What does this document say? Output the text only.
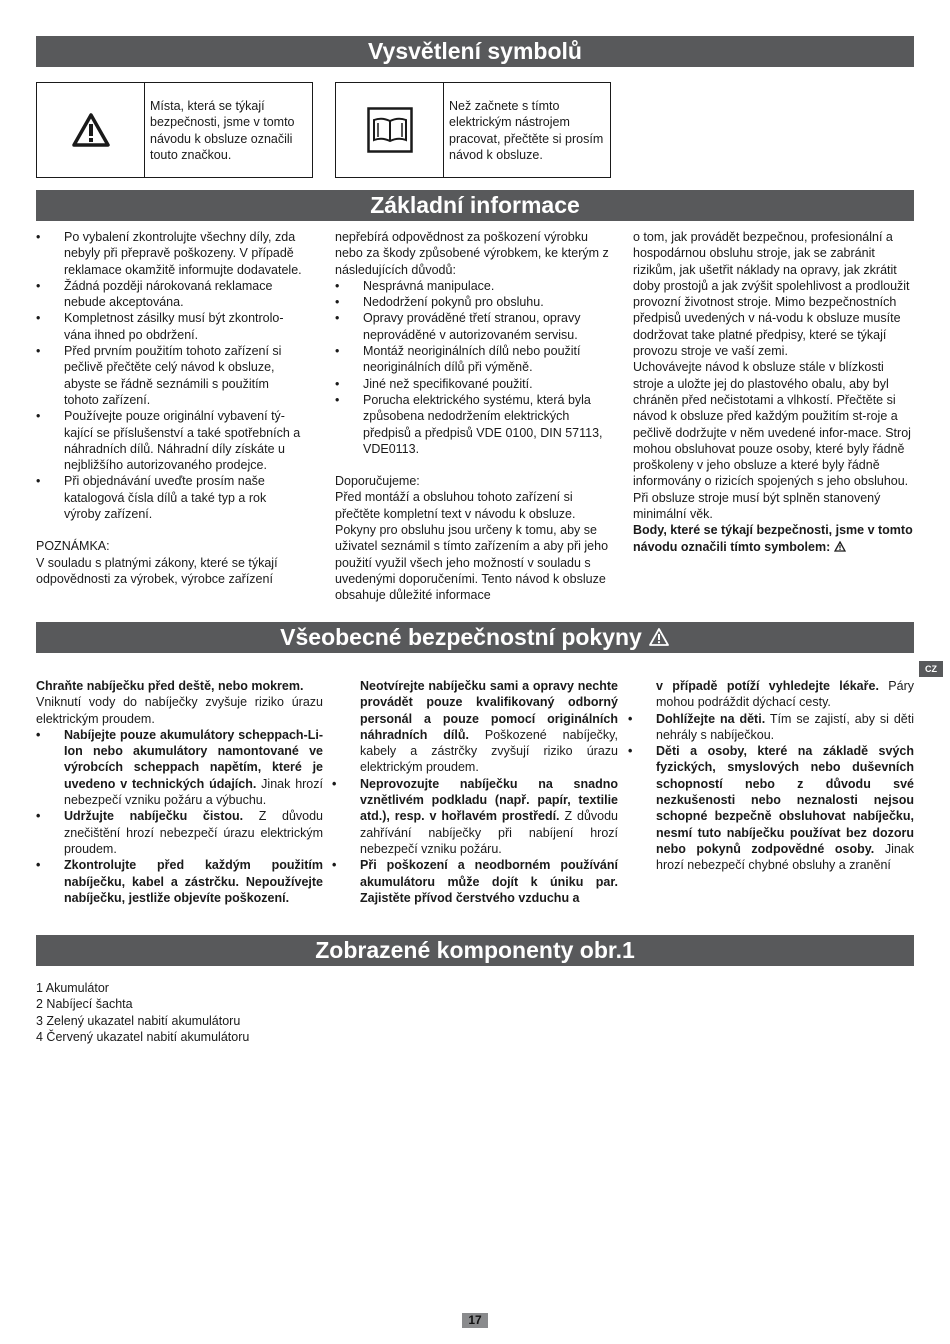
Vysvětlení symbolů
Místa, která se týkají bezpečnosti, jsme v tomto návodu k obsluze označili touto značkou.
Než začnete s tímto elektrickým nástrojem pracovat, přečtěte si prosím návod k obsluze.
Základní informace
• Po vybalení zkontrolujte všechny díly, zda nebyly při přepravě poškozeny. V případě reklamace okamžitě informujte dodavatele.
• Žádná později nárokovaná reklamace nebude akceptována.
• Kompletnost zásilky musí být zkontrolo-vána ihned po obdržení.
• Před prvním použitím tohoto zařízení si pečlivě přečtěte celý návod k obsluze, abyste se řádně seznámili s použitím tohoto zařízení.
• Používejte pouze originální vybavení tý-kající se příslušenství a také spotřebních a náhradních dílů. Náhradní díly získáte u nejbližšího autorizovaného prodejce.
• Při objednávání uveďte prosím naše katalogová čísla dílů a také typ a rok výroby zařízení.

POZNÁMKA:

V souladu s platnými zákony, které se týkají odpovědnosti za výrobek, výrobce zařízení

nepřebírá odpovědnost za poškození výrobku nebo za škody způsobené výrobkem, ke kterým z následujících důvodů:

• Nesprávná manipulace.
• Nedodržení pokynů pro obsluhu.
• Opravy prováděné třetí stranou, opravy neprováděné v autorizovaném servisu.
• Montáž neoriginálních dílů nebo použití neoriginálních dílů při výměně.
• Jiné než specifikované použití.
• Porucha elektrického systému, která byla způsobena nedodržením elektrických předpisů a předpisů VDE 0100, DIN 57113, VDE0113.

Doporučujeme:

Před montáží a obsluhou tohoto zařízení si přečtěte kompletní text v návodu k obsluze. Pokyny pro obsluhu jsou určeny k tomu, aby se uživatel seznámil s tímto zařízením a aby při jeho použití využil všech jeho možností v souladu s uvedenými doporučeními. Tento návod k obsluze obsahuje důležité informace

o tom, jak provádět bezpečnou, profesionální a hospodárnou obsluhu stroje, jak se zabránit rizikům, jak ušetřit náklady na opravy, jak zkrátit doby prostojů a jak zvýšit spolehlivost a prodloužit provozní životnost stroje. Mimo bezpečnostních předpisů uvedených v ná-vodu k obsluze musíte dodržovat take platné předpisy, které se týkají provozu stroje ve vaší zemi.

Uchovávejte návod k obsluze stále v blízkosti stroje a uložte jej do plastového obalu, aby byl chráněn před nečistotami a vlhkostí. Přečtěte si návod k obsluze před každým použitím st-roje a pečlivě dodržujte v něm uvedené infor-mace. Stroj mohou obsluhovat pouze osoby, které byly řádně proškoleny v jeho obsluze a které byly řádně informovány o rizicích spojených s jeho obsluhou. Při obsluze stroje musí být splněn stanovený minimální věk.

Body, které se týkají bezpečnosti, jsme v tomto návodu označili tímto symbolem:

Všeobecné bezpečnostní pokyny
CZ

Chraňte nabíječku před deště, nebo mokrem.
Vniknutí vody do nabíječky zvyšuje riziko úrazu elektrickým proudem.

• Nabíjejte pouze akumulátory scheppach-Li-Ion nebo akumulátory namontované ve výrobcích scheppach napětím, které je uvedeno v technických údajích. Jinak hrozí nebezpečí vzniku požáru a výbuchu.
• Udržujte nabíječku čistou. Z důvodu znečištění hrozí nebezpečí úrazu elektrickým proudem.
• Zkontrolujte před každým použitím nabíječku, kabel a zástrčku. Nepoužívejte nabíječku, jestliže objevíte poškození.

Neotvírejte nabíječku sami a opravy nechte provádět pouze kvalifikovaný odborný personál a pouze pomocí originálních náhradních dílů. Poškozené nabíječky, kabely a zástrčky zvyšují riziko úrazu elektrickým proudem.

• Neprovozujte nabíječku na snadno vznětlivém podkladu (např. papír, textilie atd.), resp. v hořlavém prostředí. Z důvodu zahřívání nabíječky při nabíjení hrozí nebezpečí vzniku požáru.
• Při poškození a neodborném používání akumulátoru může dojít k úniku par. Zajistěte přívod čerstvého vzduchu a

v případě potíží vyhledejte lékaře. Páry mohou podráždit dýchací cesty.

• Dohlížejte na děti. Tím se zajistí, aby si děti nehrály s nabíječkou.
• Děti a osoby, které na základě svých fyzických, smyslových nebo duševních schopností nebo z důvodu své nezkušenosti nebo neznalosti nejsou schopné bezpečně obsluhovat nabíječku, nesmí tuto nabíječku používat bez dozoru nebo pokynů zodpovědné osoby. Jinak hrozí nebezpečí chybné obsluhy a zranění
Zobrazené komponenty obr.1
1 Akumulátor
2 Nabíjecí šachta
3 Zelený ukazatel nabití akumulátoru
4 Červený ukazatel nabití akumulátoru
17
